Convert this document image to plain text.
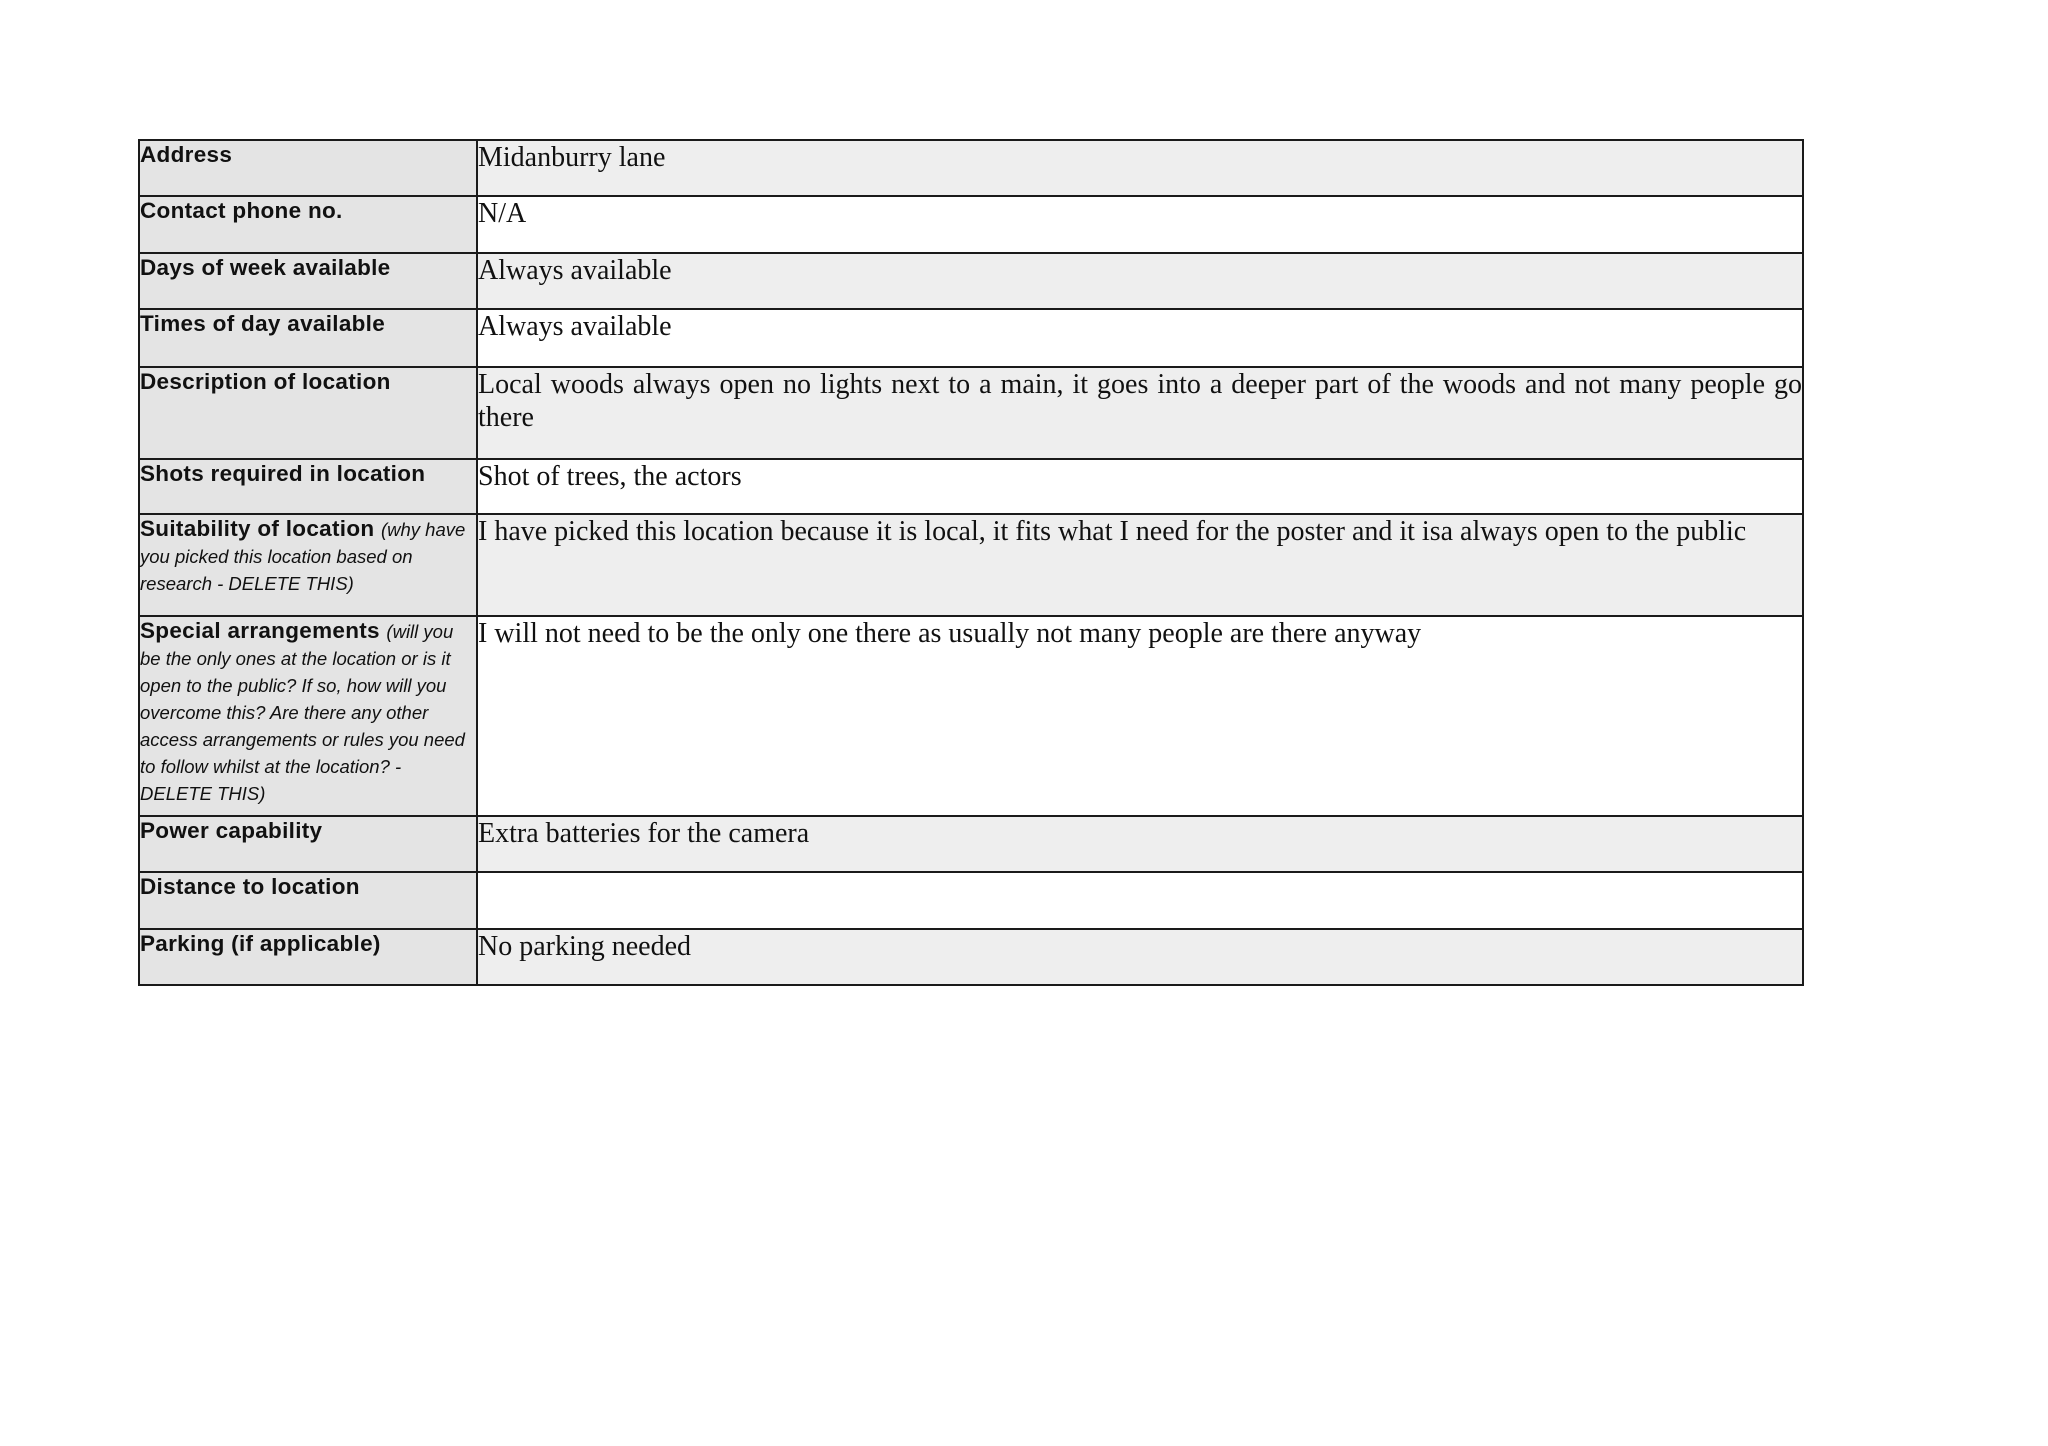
Address	Midanburry lane
Contact phone no.	N/A
Days of week available	Always available
Times of day available	Always available
Description of location	Local woods always open no lights next to a main, it goes into a deeper part of the woods and not many people go there
Shots required in location	Shot of trees, the actors
Suitability of location (why have you picked this location based on research - DELETE THIS)	I have picked this location because it is local, it fits what I need for the poster and it isa always open to the public
Special arrangements (will you be the only ones at the location or is it open to the public? If so, how will you overcome this? Are there any other access arrangements or rules you need to follow whilst at the location? - DELETE THIS)	I will not need to be the only one there as usually not many people are there anyway
Power capability	Extra batteries for the camera
Distance to location	
Parking (if applicable)	No parking needed
